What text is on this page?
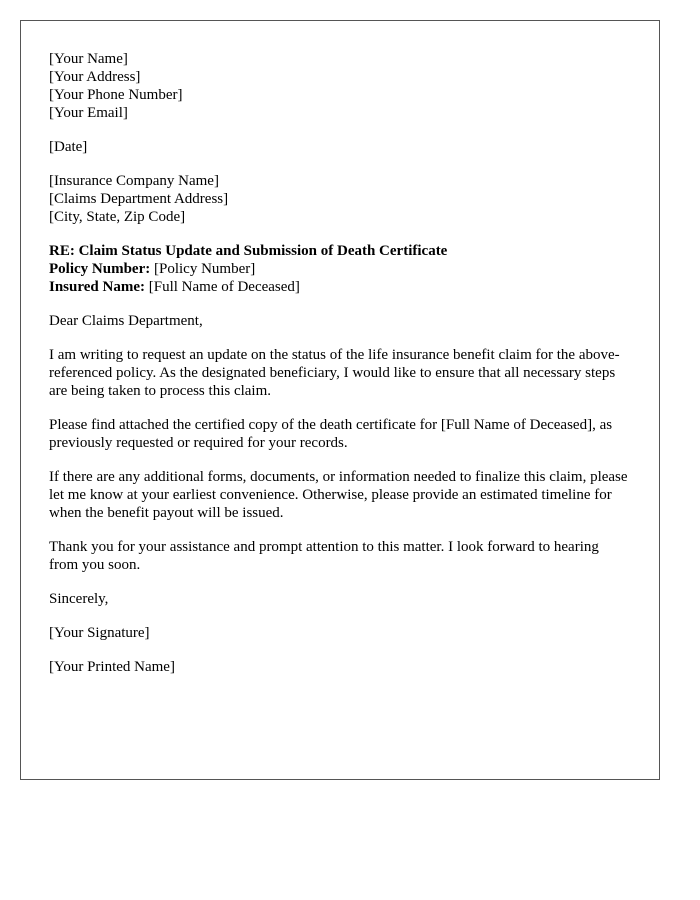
[Your Name]
[Your Address]
[Your Phone Number]
[Your Email]
[Date]
[Insurance Company Name]
[Claims Department Address]
[City, State, Zip Code]
RE: Claim Status Update and Submission of Death Certificate
Policy Number: [Policy Number]
Insured Name: [Full Name of Deceased]

Dear Claims Department,

I am writing to request an update on the status of the life insurance benefit claim for the above-referenced policy. As the designated beneficiary, I would like to ensure that all necessary steps are being taken to process this claim.

Please find attached the certified copy of the death certificate for [Full Name of Deceased], as previously requested or required for your records.

If there are any additional forms, documents, or information needed to finalize this claim, please let me know at your earliest convenience. Otherwise, please provide an estimated timeline for when the benefit payout will be issued.

Thank you for your assistance and prompt attention to this matter. I look forward to hearing from you soon.

Sincerely,

[Your Signature]

[Your Printed Name]
